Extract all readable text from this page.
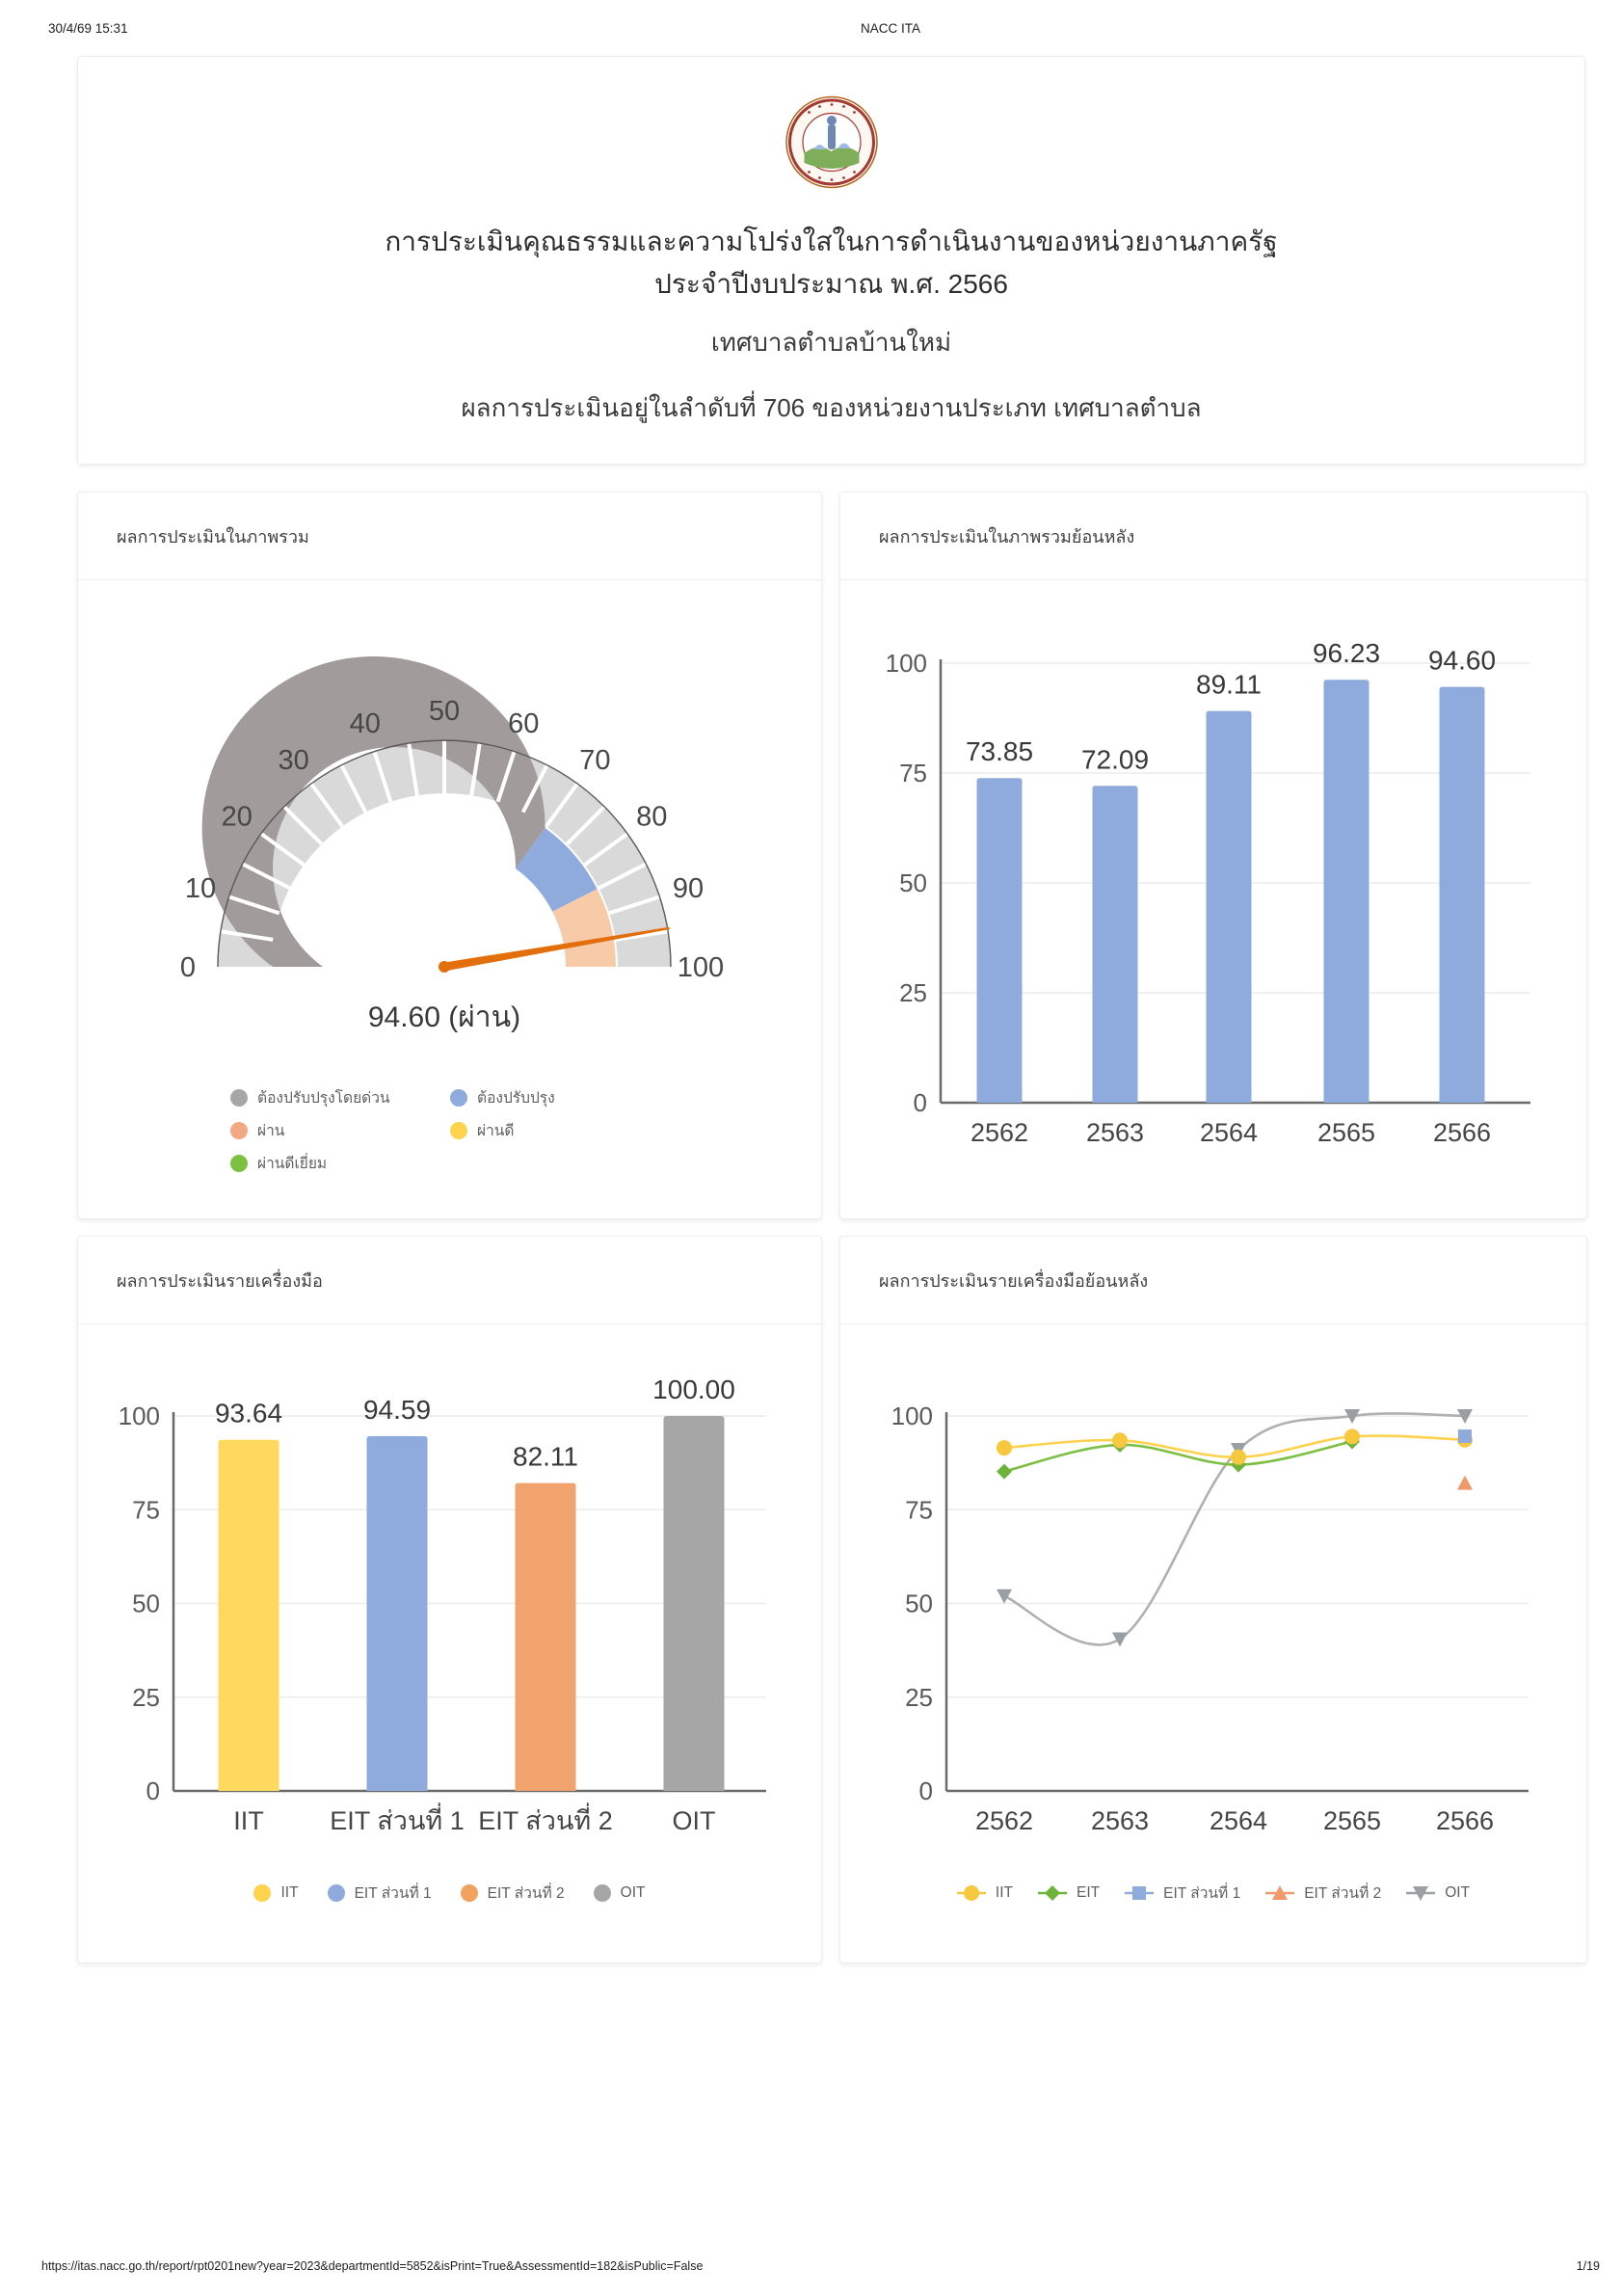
30/4/69 15:31	NACC ITA
การประเมินคุณธรรมและความโปร่งใสในการดำเนินงานของหน่วยงานภาครัฐ
ประจำปีงบประมาณ พ.ศ. 2566
เทศบาลตำบลบ้านใหม่
ผลการประเมินอยู่ในลำดับที่ 706 ของหน่วยงานประเภท เทศบาลตำบล
ผลการประเมินในภาพรวม
0
10
20
30
40 50 60
70
80
90
100
94.60 (ผ่าน)
ต้องปรับปรุงโดยด่วน	ต้องปรับปรุง
ผ่าน	ผ่านดี
ผ่านดีเยี่ยม
ผลการประเมินในภาพรวมย้อนหลัง
0
25
50
75
100
73.85
2562
72.09
2563
89.11
2564
96.23
2565
94.60
2566
ผลการประเมินรายเครื่องมือ
0
25
50
75
100 93.64
IIT
94.59
EIT ส่วนที่ 1
82.11
EIT ส่วนที่ 2
100.00
OIT
IIT	EIT ส่วนที่ 1	EIT ส่วนที่ 2	OIT
ผลการประเมินรายเครื่องมือย้อนหลัง
0
25
50
75
100
2562 2563 2564 2565 2566
IIT	EIT	EIT ส่วนที่ 1	EIT ส่วนที่ 2	OIT
https://itas.nacc.go.th/report/rpt0201new?year=2023&departmentId=5852&isPrint=True&AssessmentId=182&isPublic=False	1/19
